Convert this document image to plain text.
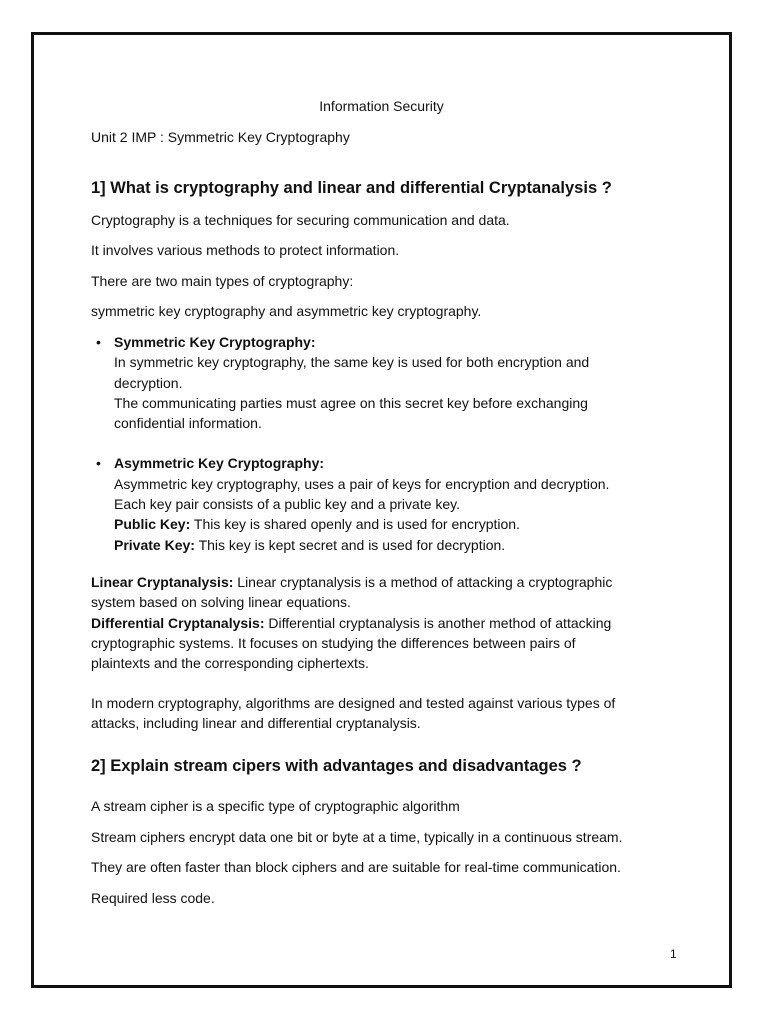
Information Security
Unit 2 IMP : Symmetric Key Cryptography
1] What is cryptography and linear and differential Cryptanalysis ?
Cryptography is a techniques for securing communication and data.
It involves various methods to protect information.
There are two main types of cryptography:
symmetric key cryptography and asymmetric key cryptography.
• Symmetric Key Cryptography:
In symmetric key cryptography, the same key is used for both encryption and
decryption.
The communicating parties must agree on this secret key before exchanging
confidential information.
• Asymmetric Key Cryptography:
Asymmetric key cryptography, uses a pair of keys for encryption and decryption.
Each key pair consists of a public key and a private key.
Public Key: This key is shared openly and is used for encryption.
Private Key: This key is kept secret and is used for decryption.
Linear Cryptanalysis: Linear cryptanalysis is a method of attacking a cryptographic
system based on solving linear equations.
Differential Cryptanalysis: Differential cryptanalysis is another method of attacking
cryptographic systems. It focuses on studying the differences between pairs of
plaintexts and the corresponding ciphertexts.
In modern cryptography, algorithms are designed and tested against various types of
attacks, including linear and differential cryptanalysis.
2] Explain stream cipers with advantages and disadvantages ?
A stream cipher is a specific type of cryptographic algorithm
Stream ciphers encrypt data one bit or byte at a time, typically in a continuous stream.
They are often faster than block ciphers and are suitable for real-time communication.
Required less code.
1
